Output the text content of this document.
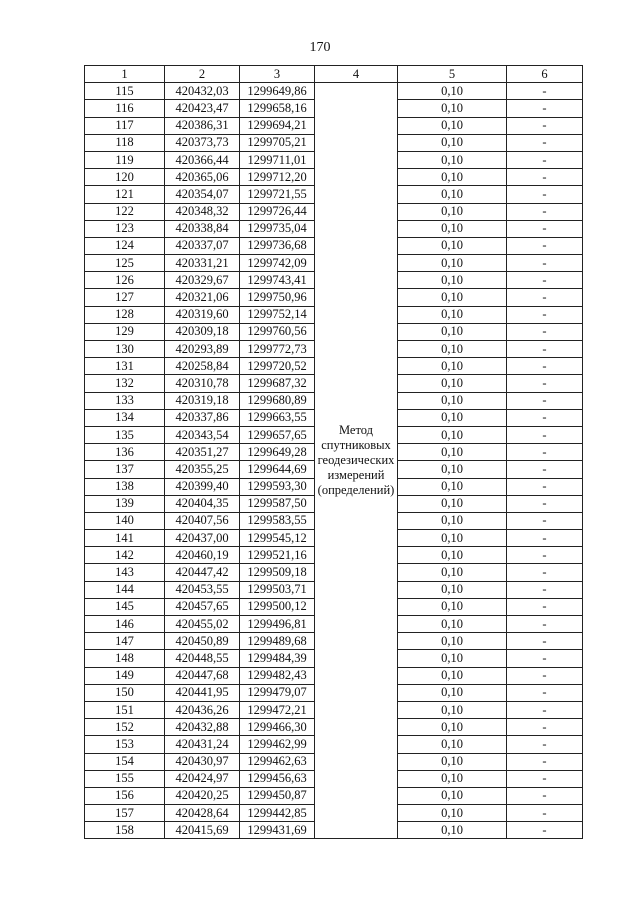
170
1	2	3	4	5	6
115	420432,03	1299649,86	Метод
спутниковых
геодезических
измерений
(определений)	0,10	-
116	420423,47	1299658,16		0,10	-
117	420386,31	1299694,21		0,10	-
118	420373,73	1299705,21		0,10	-
119	420366,44	1299711,01		0,10	-
120	420365,06	1299712,20		0,10	-
121	420354,07	1299721,55		0,10	-
122	420348,32	1299726,44		0,10	-
123	420338,84	1299735,04		0,10	-
124	420337,07	1299736,68		0,10	-
125	420331,21	1299742,09		0,10	-
126	420329,67	1299743,41		0,10	-
127	420321,06	1299750,96		0,10	-
128	420319,60	1299752,14		0,10	-
129	420309,18	1299760,56		0,10	-
130	420293,89	1299772,73		0,10	-
131	420258,84	1299720,52		0,10	-
132	420310,78	1299687,32		0,10	-
133	420319,18	1299680,89		0,10	-
134	420337,86	1299663,55		0,10	-
135	420343,54	1299657,65		0,10	-
136	420351,27	1299649,28		0,10	-
137	420355,25	1299644,69		0,10	-
138	420399,40	1299593,30		0,10	-
139	420404,35	1299587,50		0,10	-
140	420407,56	1299583,55		0,10	-
141	420437,00	1299545,12		0,10	-
142	420460,19	1299521,16		0,10	-
143	420447,42	1299509,18		0,10	-
144	420453,55	1299503,71		0,10	-
145	420457,65	1299500,12		0,10	-
146	420455,02	1299496,81		0,10	-
147	420450,89	1299489,68		0,10	-
148	420448,55	1299484,39		0,10	-
149	420447,68	1299482,43		0,10	-
150	420441,95	1299479,07		0,10	-
151	420436,26	1299472,21		0,10	-
152	420432,88	1299466,30		0,10	-
153	420431,24	1299462,99		0,10	-
154	420430,97	1299462,63		0,10	-
155	420424,97	1299456,63		0,10	-
156	420420,25	1299450,87		0,10	-
157	420428,64	1299442,85		0,10	-
158	420415,69	1299431,69		0,10	-
